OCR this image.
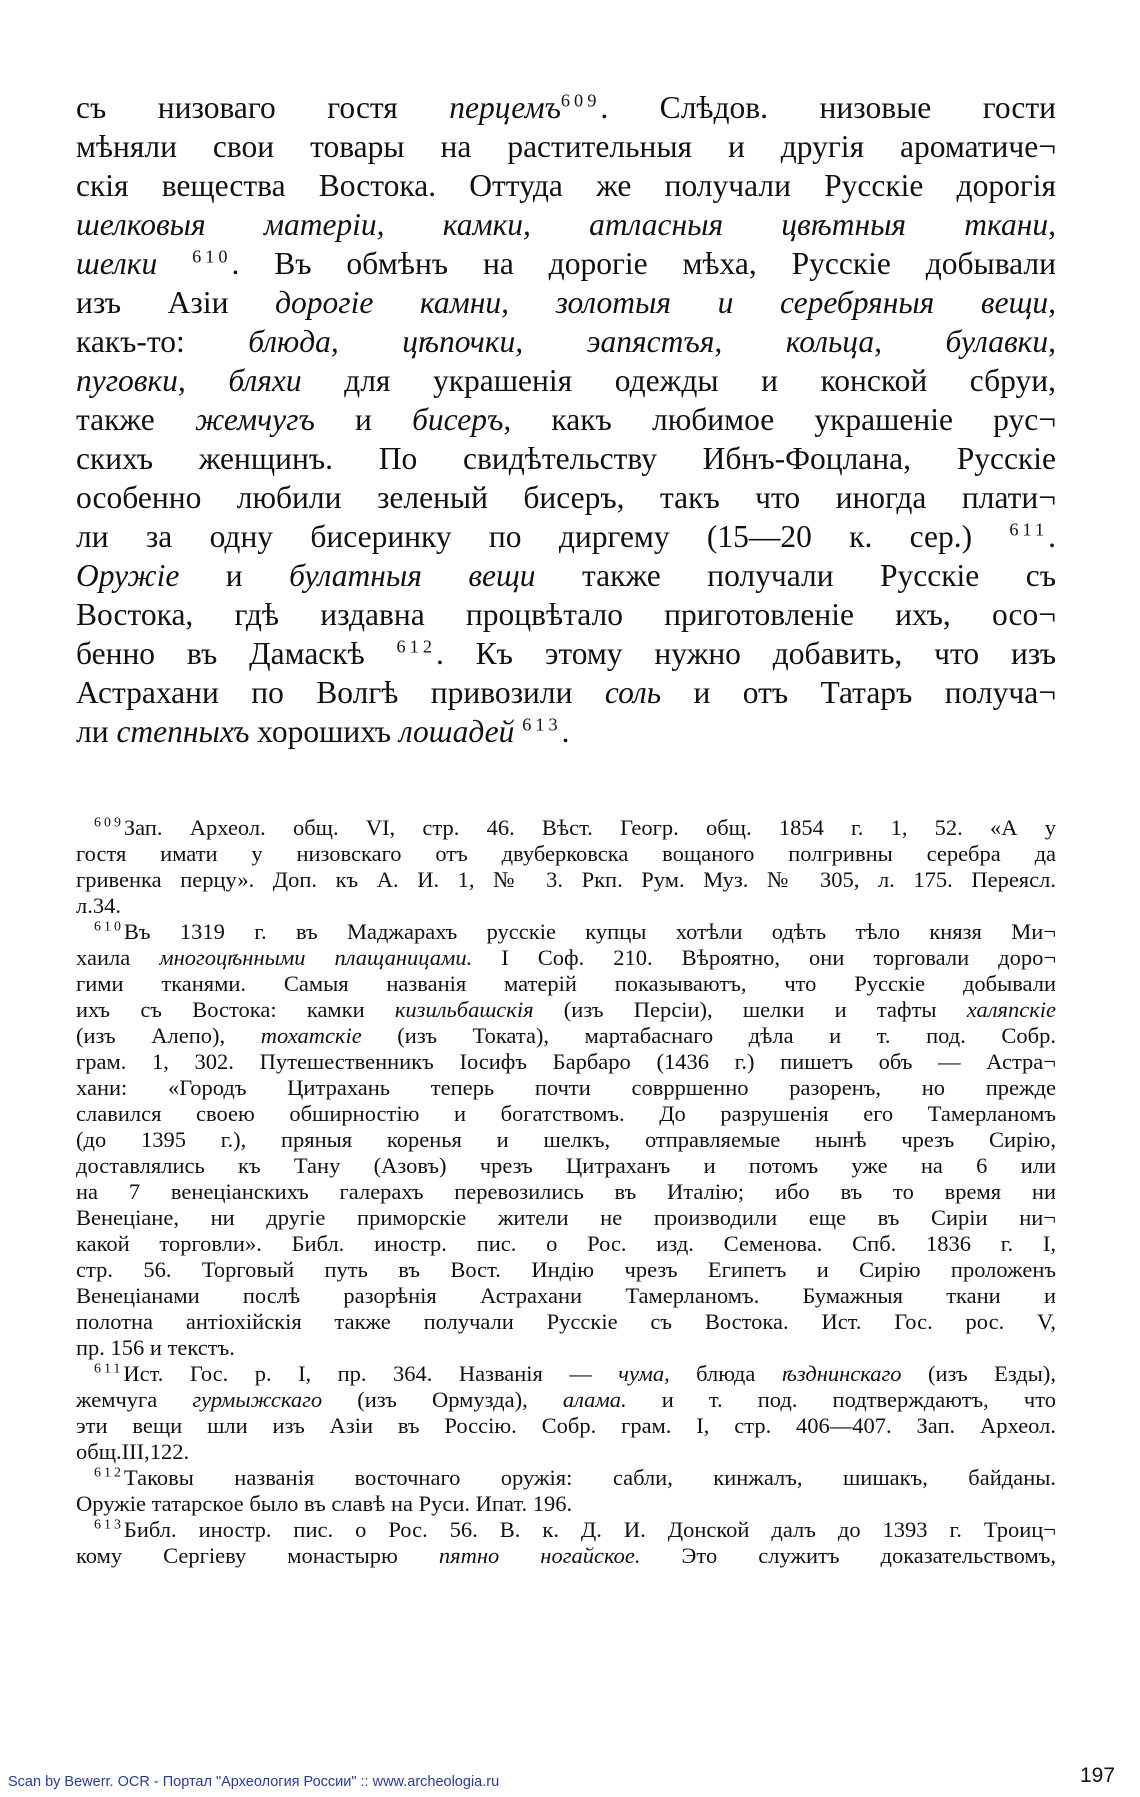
съ низоваго гостя перцемъ$^{609}$. Слѣдов. низовые гости
мѣняли свои товары на растительныя и другiя ароматиче¬
скiя вещества Востока. Оттуда же получали Русскiе дорогiя
шелковыя матерiи, камки, атласныя цвѣтныя ткани,
шелки $^{610}$. Въ обмѣнъ на дорогiе мѣха, Русскiе добывали
изъ Азiи дорогiе камни, золотыя и серебряныя вещи,
какъ-то: блюда, цѣпочки, эапястъя, кольца, булавки,
пуговки, бляхи для украшенiя одежды и конской сбруи,
также жемчугъ и бисеръ, какъ любимое украшенiе рус¬
скихъ женщинъ. По свидѣтельству Ибнъ-Фоцлана, Русскiе
особенно любили зеленый бисеръ, такъ что иногда плати¬
ли за одну бисеринку по диргему (15—20 к. сер.) $^{611}$.
Оружiе и булатныя вещи также получали Русскiе съ
Востока, гдѣ издавна процвѣтало приготовленiе ихъ, осо¬
бенно въ Дамаскѣ $^{612}$. Къ этому нужно добавить, что изъ
Астрахани по Волгѣ привозили соль и отъ Татаръ получа¬
ли степныхъ хорошихъ лошадей $^{613}$.
$^{609}$Зап. Археол. общ. VI, стр. 46. Вѣст. Геогр. общ. 1854 г. 1, 52. «А у
гостя имати у низовскаго отъ двуберковска вощаного полгривны серебра да
гривенка перцу». Доп. къ А. И. 1, № 3. Ркп. Рум. Муз. № 305, л. 175. Переясл.
л.34.
$^{610}$Въ 1319 г. въ Маджарахъ русскiе купцы хотѣли одѣть тѣло князя Ми¬
хаила многоцѣнными плащаницами. I Соф. 210. Вѣроятно, они торговали доро¬
гими тканями. Самыя названiя матерiй показываютъ, что Русскiе добывали
ихъ съ Востока: камки кизильбашскiя (изъ Персiи), шелки и тафты халяпскiе
(изъ Алепо), тохатскiе (изъ Токата), мартабаснаго дѣла и т. под. Собр.
грам. 1, 302. Путешественникъ Iосифъ Барбаро (1436 г.) пишетъ объ — Астра¬
хани: «Городъ Цитрахань теперь почти соврршенно разоренъ, но прежде
славился своею обширностiю и богатствомъ. До разрушенiя его Тамерланомъ
(до 1395 г.), пряныя коренья и шелкъ, отправляемые нынѣ чрезъ Сирiю,
доставлялись къ Тану (Азовъ) чрезъ Цитраханъ и потомъ уже на 6 или
на 7 венецiанскихъ галерахъ перевозились въ Италiю; ибо въ то время ни
Венецiане, ни другiе приморскiе жители не производили еще въ Сирiи ни¬
какой торговли». Библ. иностр. пис. о Рос. изд. Семенова. Спб. 1836 г. I,
стр. 56. Торговый путь въ Вост. Индiю чрезъ Египетъ и Сирiю проложенъ
Венецiанами послѣ разорѣнiя Астрахани Тамерланомъ. Бумажныя ткани и
полотна антiохiйскiя также получали Русскiе съ Востока. Ист. Гос. рос. V,
пр. 156 и текстъ.
$^{611}$Ист. Гос. р. I, пр. 364. Названiя — чума, блюда ѣзднинскаго (изъ Езды),
жемчуга гурмыжскаго (изъ Ормузда), алама. и т. под. подтверждаютъ, что
эти вещи шли изъ Азiи въ Россiю. Собр. грам. I, стр. 406—407. Зап. Археол.
общ.III,122.
$^{612}$Таковы названiя восточнаго оружiя: сабли, кинжалъ, шишакъ, байданы.
Оружiе татарское было въ славѣ на Руси. Ипат. 196.
$^{613}$Библ. иностр. пис. о Рос. 56. В. к. Д. И. Донской далъ до 1393 г. Троиц¬
кому Сергiеву монастырю пятно ногайское. Это служитъ доказательствомъ,
Scan by Bewerr. OCR - Портал "Археология России" :: www.archeologia.ru	197
